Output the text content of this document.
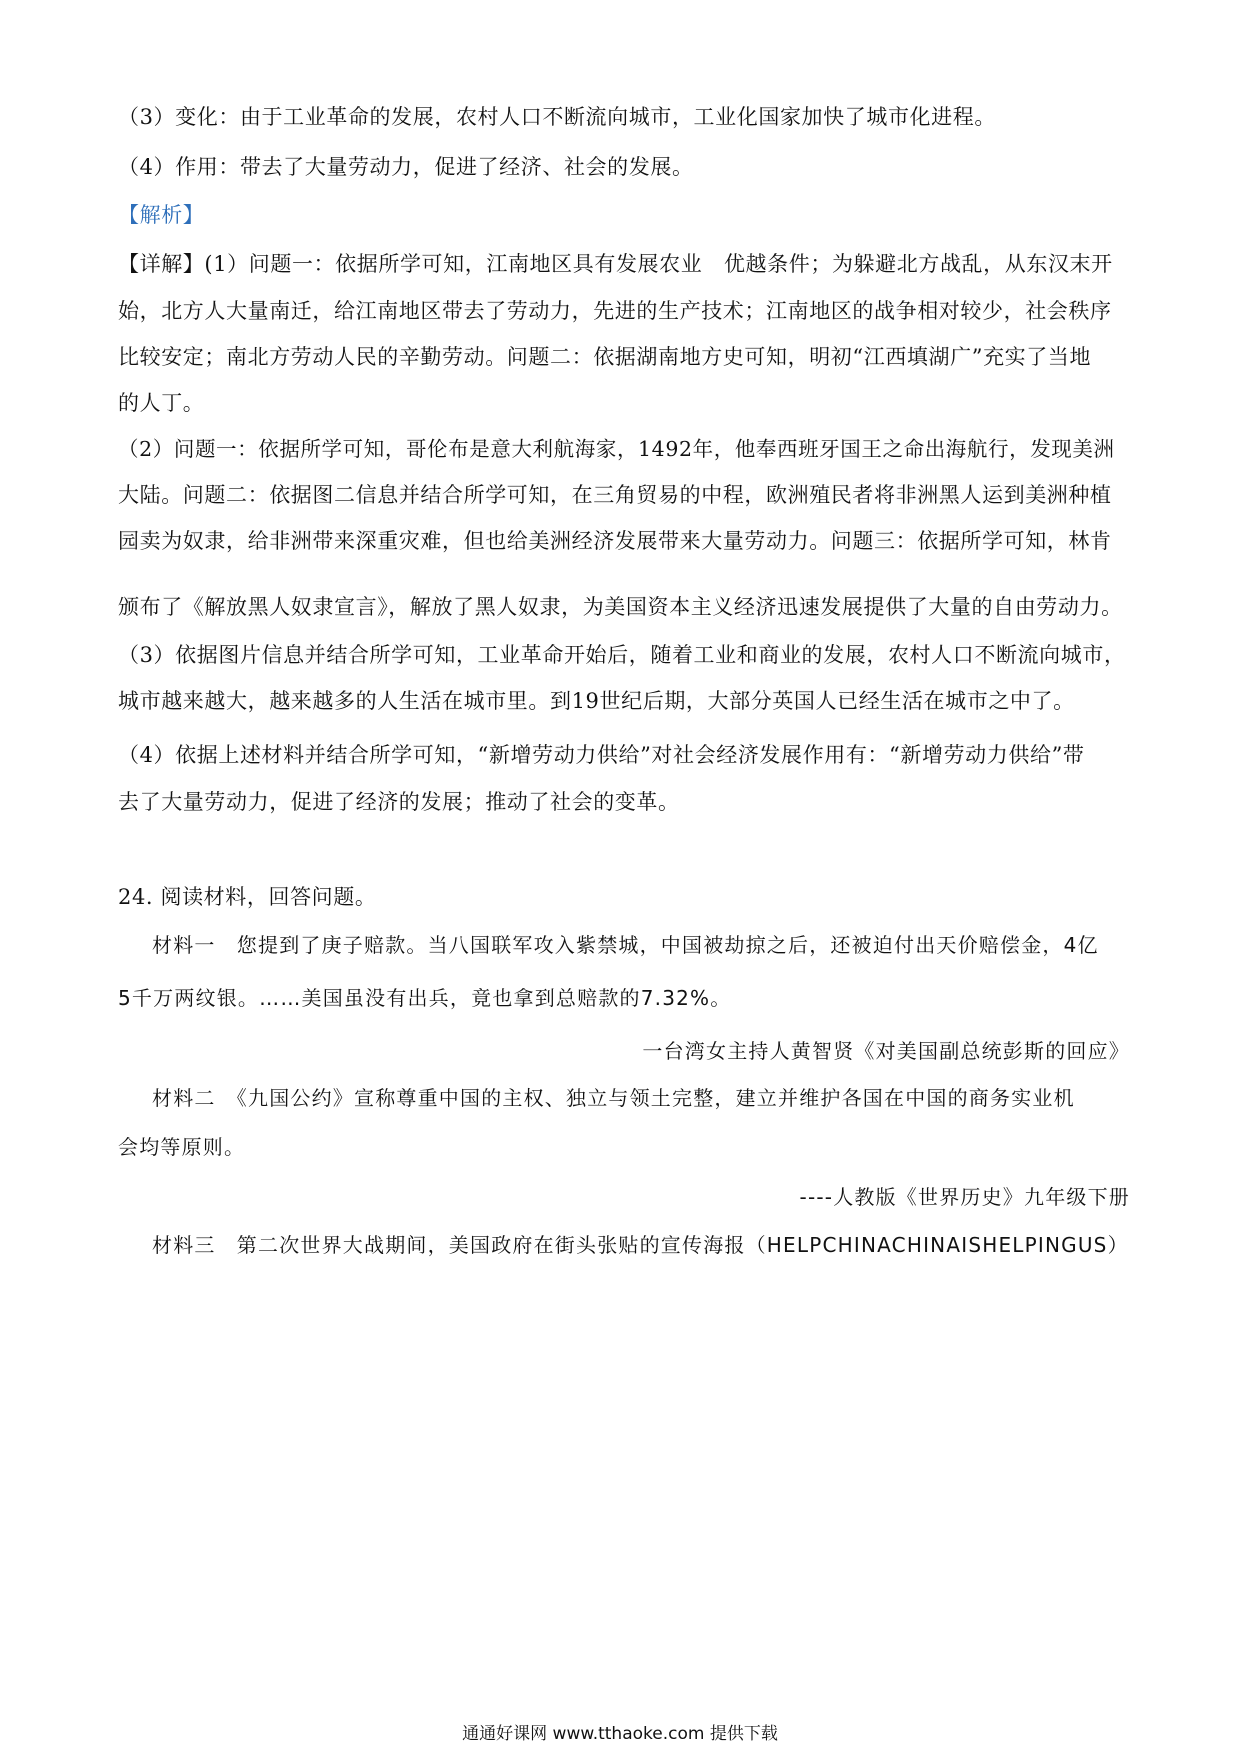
（3）变化：由于工业革命的发展，农村人口不断流向城市，工业化国家加快了城市化进程。
（4）作用：带去了大量劳动力，促进了经济、社会的发展。
【解析】
【详解】(1）问题一：依据所学可知，江南地区具有发展农业　优越条件；为躲避北方战乱，从东汉末开
始，北方人大量南迁，给江南地区带去了劳动力，先进的生产技术；江南地区的战争相对较少，社会秩序
比较安定；南北方劳动人民的辛勤劳动。问题二：依据湖南地方史可知，明初“江西填湖广”充实了当地
的人丁。
（2）问题一：依据所学可知，哥伦布是意大利航海家，1492年，他奉西班牙国王之命出海航行，发现美洲
大陆。问题二：依据图二信息并结合所学可知，在三角贸易的中程，欧洲殖民者将非洲黑人运到美洲种植
园卖为奴隶，给非洲带来深重灾难，但也给美洲经济发展带来大量劳动力。问题三：依据所学可知，林肯
颁布了《解放黑人奴隶宣言》，解放了黑人奴隶，为美国资本主义经济迅速发展提供了大量的自由劳动力。
（3）依据图片信息并结合所学可知，工业革命开始后，随着工业和商业的发展，农村人口不断流向城市，
城市越来越大，越来越多的人生活在城市里。到19世纪后期，大部分英国人已经生活在城市之中了。
（4）依据上述材料并结合所学可知，“新增劳动力供给”对社会经济发展作用有：“新增劳动力供给”带
去了大量劳动力，促进了经济的发展；推动了社会的变革。
24. 阅读材料，回答问题。
材料一　您提到了庚子赔款。当八国联军攻入紫禁城，中国被劫掠之后，还被迫付出天价赔偿金，4亿
5千万两纹银。……美国虽没有出兵，竟也拿到总赔款的7.32%。
一台湾女主持人黄智贤《对美国副总统彭斯的回应》
材料二　《九国公约》宣称尊重中国的主权、独立与领土完整，建立并维护各国在中国的商务实业机
会均等原则。
----人教版《世界历史》九年级下册
材料三　第二次世界大战期间，美国政府在街头张贴的宣传海报（HELPCHINACHINAISHELPINGUS）
通通好课网 www.tthaoke.com 提供下载
